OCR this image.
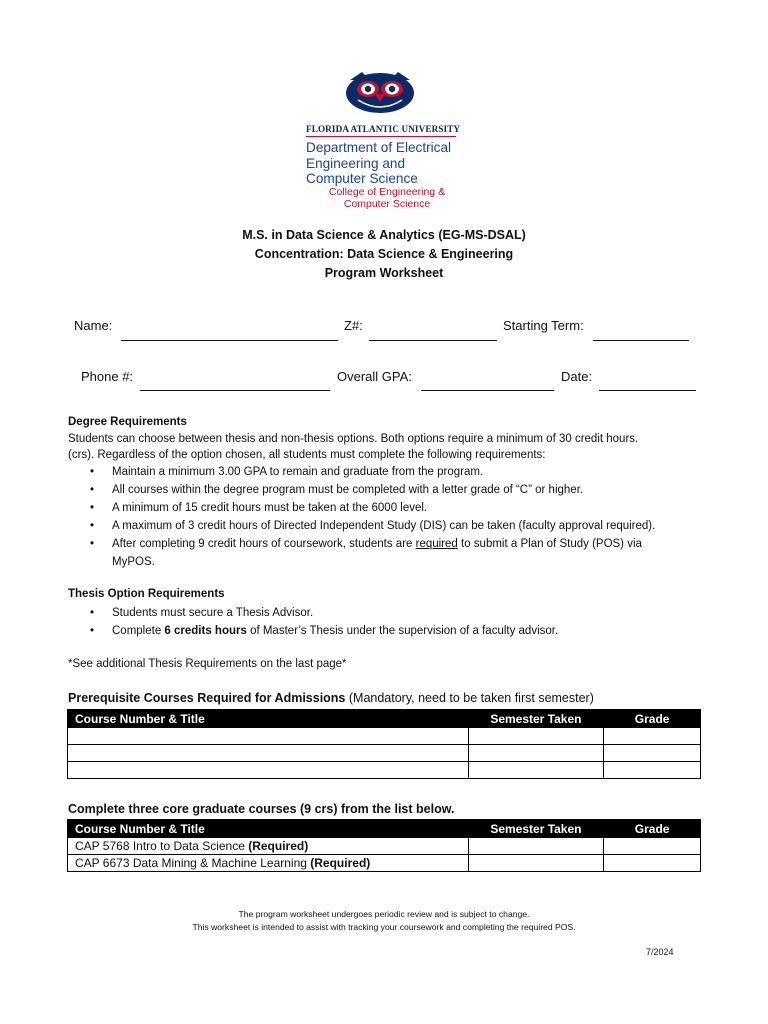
FLORIDA ATLANTIC UNIVERSITY
Department of Electrical
Engineering and
Computer Science
College of Engineering &
Computer Science
M.S. in Data Science & Analytics (EG-MS-DSAL)
Concentration: Data Science & Engineering
Program Worksheet
Name:	Z#:	Starting Term:
Phone #:	Overall GPA:	Date:
Degree Requirements
Students can choose between thesis and non-thesis options. Both options require a minimum of 30 credit hours.
(crs). Regardless of the option chosen, all students must complete the following requirements:
• Maintain a minimum 3.00 GPA to remain and graduate from the program.
• All courses within the degree program must be completed with a letter grade of “C” or higher.
• A minimum of 15 credit hours must be taken at the 6000 level.
• A maximum of 3 credit hours of Directed Independent Study (DIS) can be taken (faculty approval required).
• After completing 9 credit hours of coursework, students are required to submit a Plan of Study (POS) via
MyPOS.
Thesis Option Requirements
• Students must secure a Thesis Advisor.
• Complete 6 credits hours of Master’s Thesis under the supervision of a faculty advisor.
*See additional Thesis Requirements on the last page*
Prerequisite Courses Required for Admissions (Mandatory, need to be taken first semester)
Course Number & Title	Semester Taken	Grade

Complete three core graduate courses (9 crs) from the list below.
Course Number & Title	Semester Taken	Grade
CAP 5768 Intro to Data Science (Required)		
CAP 6673 Data Mining & Machine Learning (Required)		
The program worksheet undergoes periodic review and is subject to change.
This worksheet is intended to assist with tracking your coursework and completing the required POS.
7/2024
